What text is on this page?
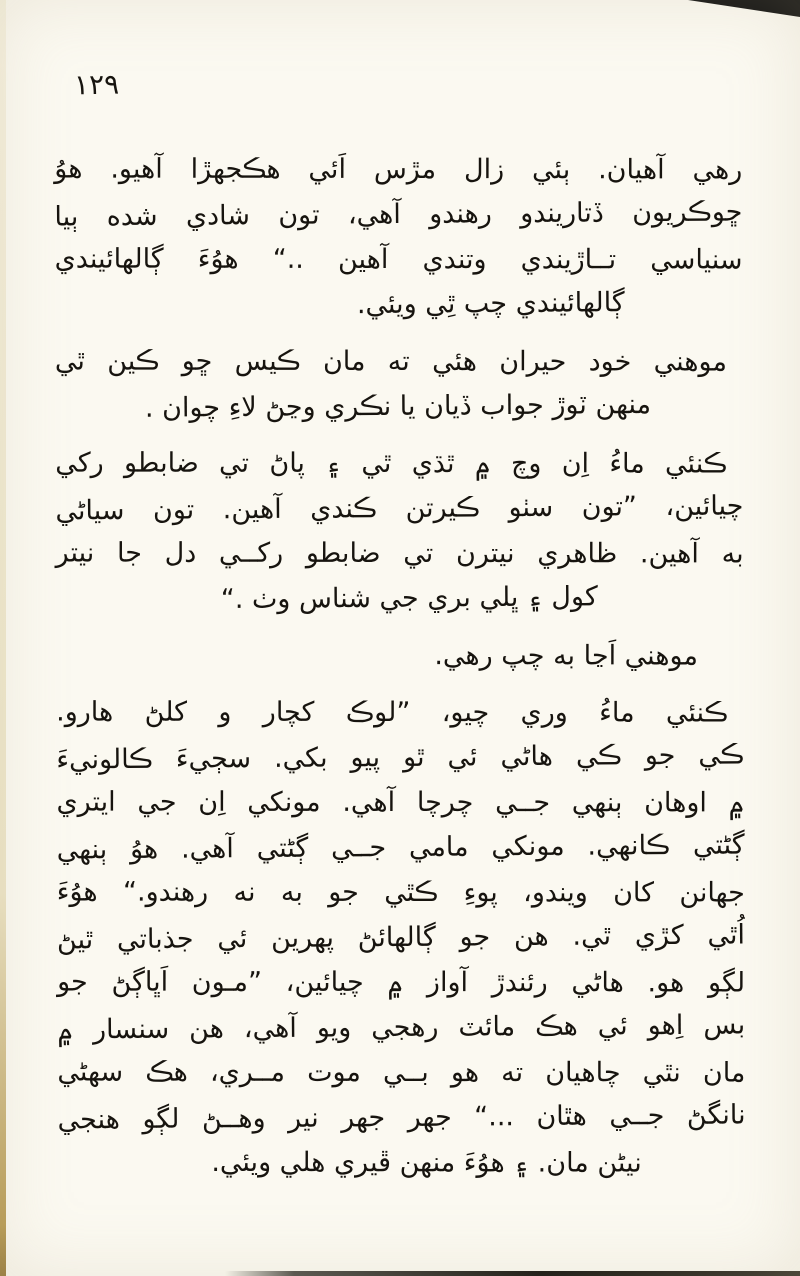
۱۲۹
رهي آهيان. ٻئي زال مڙس اَئي هڪجهڙا آهيو. هوُ
ڇوڪريون ڏتاريندو رهندو آهي، تون شادي شده ٻيا
سنياسي تــاڙيندي وتندي آهين ..“ هوُءَ ڳالهائيندي
ڳالهائيندي چپ ٿِي ويئي.
موهني خود حيران هئي ته مان ڪيس ڇو ڪين ٿي
منهن ٽوڙ جواب ڏيان يا نڪري وڃڻ لاءِ چوان .
ڪنئي ماءُ اِن وچ ۾ ٿڌي ٿي ۽ پاڻ تي ضابطو رکي
چيائين، ”تون سٺو ڪيرتن ڪندي آهين. تون سياڻي
به آهين. ظاهري نيترن تي ضابطو رکــي دل جا نيتر
کول ۽ ڀلي بري جي شناس وٺ .“
موهني اَڃا به چپ رهي.
ڪنئي ماءُ وري چيو، ”لوڪ کچار و کلڻ هارو.
ڪي جو ڪي هاڻي ئي ٿو پيو بکي. سڄيءَ ڪالونيءَ
۾ اوهان ٻنهي جــي چرچا آهي. مونکي اِن جي ايتري
ڳڻتي ڪانهي. مونکي مامي جــي ڳڻتي آهي. هوُ ٻنهي
جهانن کان ويندو، پوءِ ڪٿي جو به نه رهندو.“ هوُءَ
اُٿي کڙي ٿي. هن جو ڳالهائڻ پهرين ئي جذباتي ٿيڻ
لڳو هو. هاڻي رئندڙ آواز ۾ چيائين، ”مـون اَڀاڳڻ جو
بس اِهو ئي هڪ مائٽ رهجي ويو آهي، هن سنسار ۾
مان نٿي چاهيان ته هو بــي موت مــري، هڪ سهڻي
نانگڻ جــي هٿان ...“ جهر جهر نير وهــڻ لڳو هنجي
نيڻن مان. ۽ هوُءَ منهن ڦيري هلي ويئي.
